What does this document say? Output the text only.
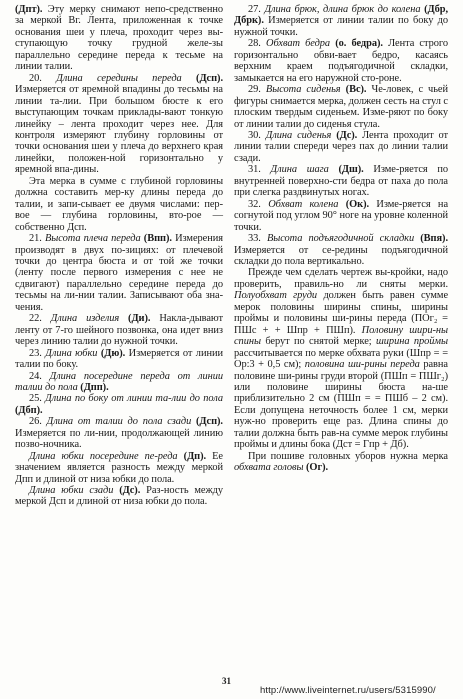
(Дпт). Эту мерку снимают непо-средственно за меркой Вг. Лента, приложенная к точке основания шеи у плеча, проходит через вы-ступающую точку грудной желе-зы параллельно середине переда к тесьме на линии талии.

20. Длина середины переда (Дсп). Измеряется от яремной впадины до тесьмы на линии та-лии. При большом бюсте к его выступающим точкам приклады-вают тонкую линейку – лента проходит через нее. Для контроля измеряют глубину горловины от точки основания шеи у плеча до верхнего края линейки, положен-ной горизонтально у яремной впа-дины.

Эта мерка в сумме с глубиной горловины должна составить мер-ку длины переда до талии, и запи-сывает ее двумя числами: пер-вое — глубина горловины, вто-рое — собственно Дсп.

21. Высота плеча переда (Впп). Измерения производят в двух по-зициях: от плечевой точки до центра бюста и от той же точки (ленту после первого измерения с нее не сдвигают) параллельно середине переда до тесьмы на ли-нии талии. Записывают оба зна-чения.

22. Длина изделия (Ди). Накла-дывают ленту от 7-го шейного позвонка, она идет вниз через линию талии до нужной точки.

23. Длина юбки (Дю). Измеряется от линии талии по боку.

24. Длина посередине переда от линии талии до пола (Дпп).

25. Длина по боку от линии та-лии до пола (Дбп).

26. Длина от талии до пола сзади (Дсп). Измеряется по ли-нии, продолжающей линию позво-ночника.

Длина юбки посередине пе-реда (Дп). Ее значением является разность между меркой Дпп и длиной от низа юбки до пола.

Длина юбки сзади (Дс). Раз-ность между меркой Дсп и длиной от низа юбки до пола.

27. Длина брюк, длина брюк до колена (Дбр, Дбрк). Измеряется от линии талии по боку до нужной точки.

28. Обхват бедра (о. бедра). Лента строго горизонтально обви-вает бедро, касаясь верхним краем подъягодичной складки, замыкается на его наружной сто-роне.

29. Высота сиденья (Вс). Че-ловек, с чьей фигуры снимается мерка, должен сесть на стул с плоским твердым сиденьем. Изме-ряют по боку от линии талии до сиденья стула.

30. Длина сиденья (Дс). Лента проходит от линии талии спереди через пах до линии талии сзади.

31. Длина шага (Дш). Изме-ряется по внутренней поверхно-сти бедра от паха до пола при слегка раздвинутых ногах.

32. Обхват колена (Ок). Изме-ряется на согнутой под углом 90° ноге на уровне коленной точки.

33. Высота подъягодичной складки (Впя). Измеряется от се-редины подъягодичной складки до пола вертикально.

Прежде чем сделать чертеж вы-кройки, надо проверить, правиль-но ли сняты мерки. Полуобхват груди должен быть равен сумме мерок половины ширины спины, ширины проймы и половины ши-рины переда (ПОг₂ = ПШс + + Шпр + ПШп). Половину шири-ны спины берут по снятой мерке; ширина проймы рассчитывается по мерке обхвата руки (Шпр = = Ор:3 + 0,5 см); половина ши-рины переда равна половине ши-рины груди второй (ПШп = ПШг₂) или половине ширины бюста на-ше приблизительно 2 см (ПШп = = ПШб – 2 см). Если допущена неточность более 1 см, мерки нуж-но проверить еще раз. Длина спины до талии должна быть рав-на сумме мерок глубины проймы и длины бока (Дст = Гпр + Дб).

При пошиве головных уборов нужна мерка обхвата головы (Ог).

31
http://www.liveinternet.ru/users/5315990/
